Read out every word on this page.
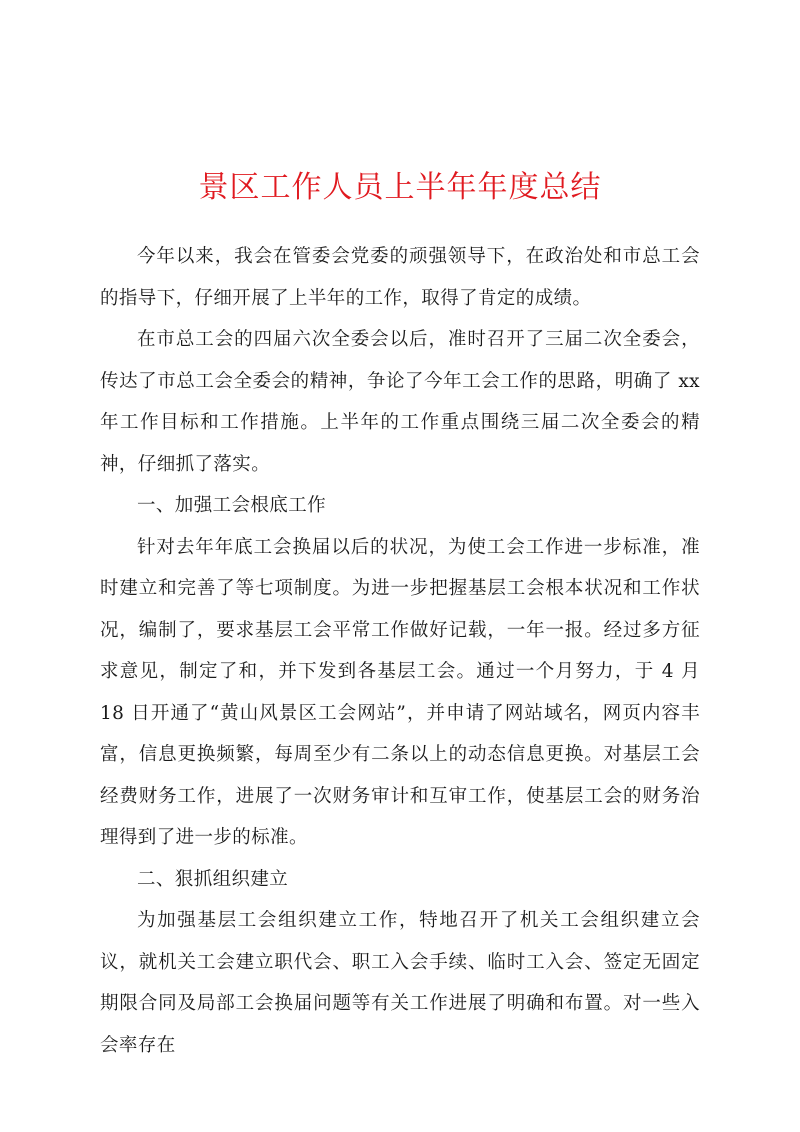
景区工作人员上半年年度总结

今年以来，我会在管委会党委的顽强领导下，在政治处和市总工会的指导下，仔细开展了上半年的工作，取得了肯定的成绩。

在市总工会的四届六次全委会以后，准时召开了三届二次全委会，传达了市总工会全委会的精神，争论了今年工会工作的思路，明确了 xx 年工作目标和工作措施。上半年的工作重点围绕三届二次全委会的精神，仔细抓了落实。

一、加强工会根底工作

针对去年年底工会换届以后的状况，为使工会工作进一步标准，准时建立和完善了等七项制度。为进一步把握基层工会根本状况和工作状况，编制了，要求基层工会平常工作做好记载，一年一报。经过多方征求意见，制定了和，并下发到各基层工会。通过一个月努力，于 4 月 18 日开通了“黄山风景区工会网站”，并申请了网站域名，网页内容丰富，信息更换频繁，每周至少有二条以上的动态信息更换。对基层工会经费财务工作，进展了一次财务审计和互审工作，使基层工会的财务治理得到了进一步的标准。

二、狠抓组织建立

为加强基层工会组织建立工作，特地召开了机关工会组织建立会议，就机关工会建立职代会、职工入会手续、临时工入会、签定无固定期限合同及局部工会换届问题等有关工作进展了明确和布置。对一些入会率存在
